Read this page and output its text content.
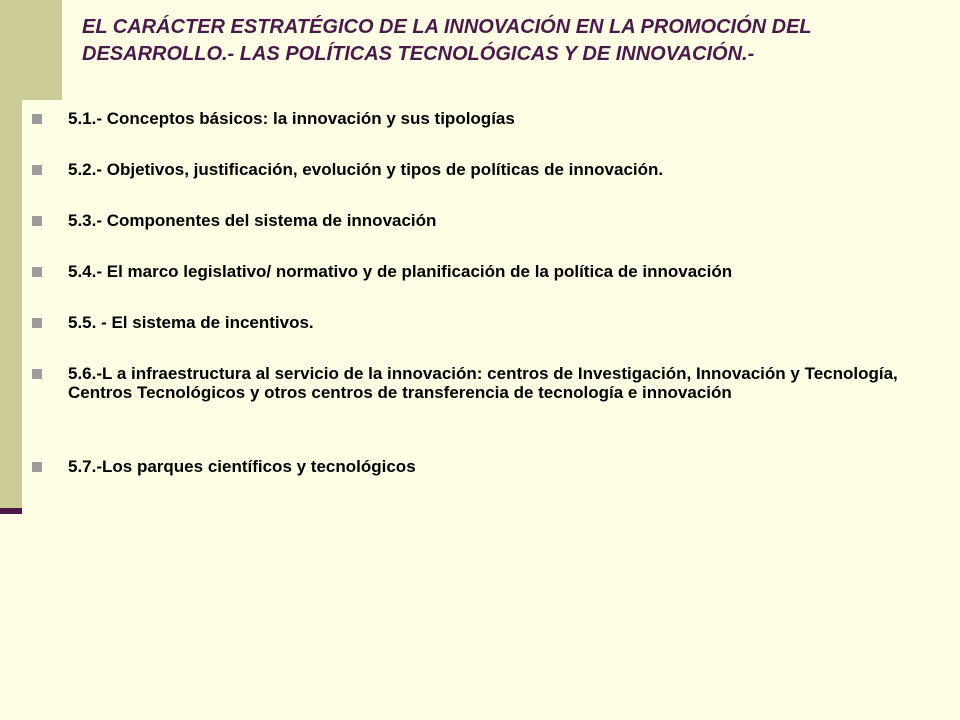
EL CARÁCTER ESTRATÉGICO DE LA INNOVACIÓN EN LA PROMOCIÓN DEL DESARROLLO.- LAS POLÍTICAS TECNOLÓGICAS Y DE INNOVACIÓN.-
5.1.- Conceptos básicos: la innovación y sus tipologías
5.2.- Objetivos, justificación, evolución y tipos de políticas de innovación.
5.3.- Componentes del sistema de innovación
5.4.- El marco legislativo/ normativo y de planificación de la política de innovación
5.5. - El sistema de incentivos.
5.6.-L a infraestructura al servicio de la innovación: centros de Investigación, Innovación y Tecnología, Centros Tecnológicos y otros centros de transferencia de tecnología e innovación
5.7.-Los parques científicos y tecnológicos
